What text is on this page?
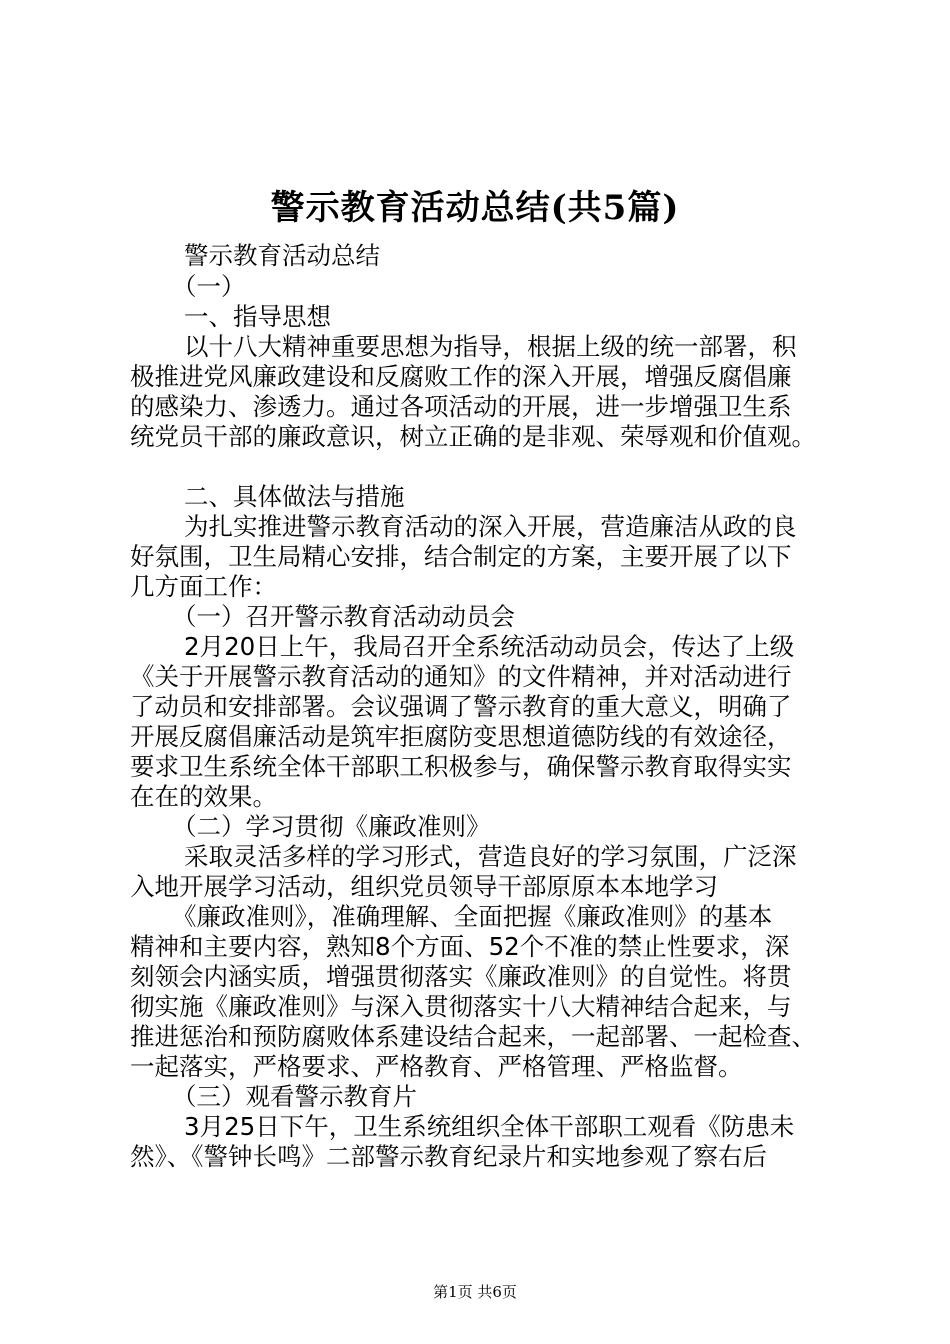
警示教育活动总结(共5篇)
警示教育活动总结
（一）
一、指导思想
以十八大精神重要思想为指导，根据上级的统一部署，积
极推进党风廉政建设和反腐败工作的深入开展，增强反腐倡廉
的感染力、渗透力。通过各项活动的开展，进一步增强卫生系
统党员干部的廉政意识，树立正确的是非观、荣辱观和价值观。
二、具体做法与措施
为扎实推进警示教育活动的深入开展，营造廉洁从政的良
好氛围，卫生局精心安排，结合制定的方案，主要开展了以下
几方面工作：
（一）召开警示教育活动动员会
2月20日上午，我局召开全系统活动动员会，传达了上级
《关于开展警示教育活动的通知》的文件精神，并对活动进行
了动员和安排部署。会议强调了警示教育的重大意义，明确了
开展反腐倡廉活动是筑牢拒腐防变思想道德防线的有效途径，
要求卫生系统全体干部职工积极参与，确保警示教育取得实实
在在的效果。
（二）学习贯彻《廉政准则》
采取灵活多样的学习形式，营造良好的学习氛围，广泛深
入地开展学习活动，组织党员领导干部原原本本地学习
《廉政准则》，准确理解、全面把握《廉政准则》的基本
精神和主要内容，熟知8个方面、52个不准的禁止性要求，深
刻领会内涵实质，增强贯彻落实《廉政准则》的自觉性。将贯
彻实施《廉政准则》与深入贯彻落实十八大精神结合起来，与
推进惩治和预防腐败体系建设结合起来，一起部署、一起检查、
一起落实，严格要求、严格教育、严格管理、严格监督。
（三）观看警示教育片
3月25日下午，卫生系统组织全体干部职工观看《防患未
然》、《警钟长鸣》二部警示教育纪录片和实地参观了察右后
第1页 共6页
